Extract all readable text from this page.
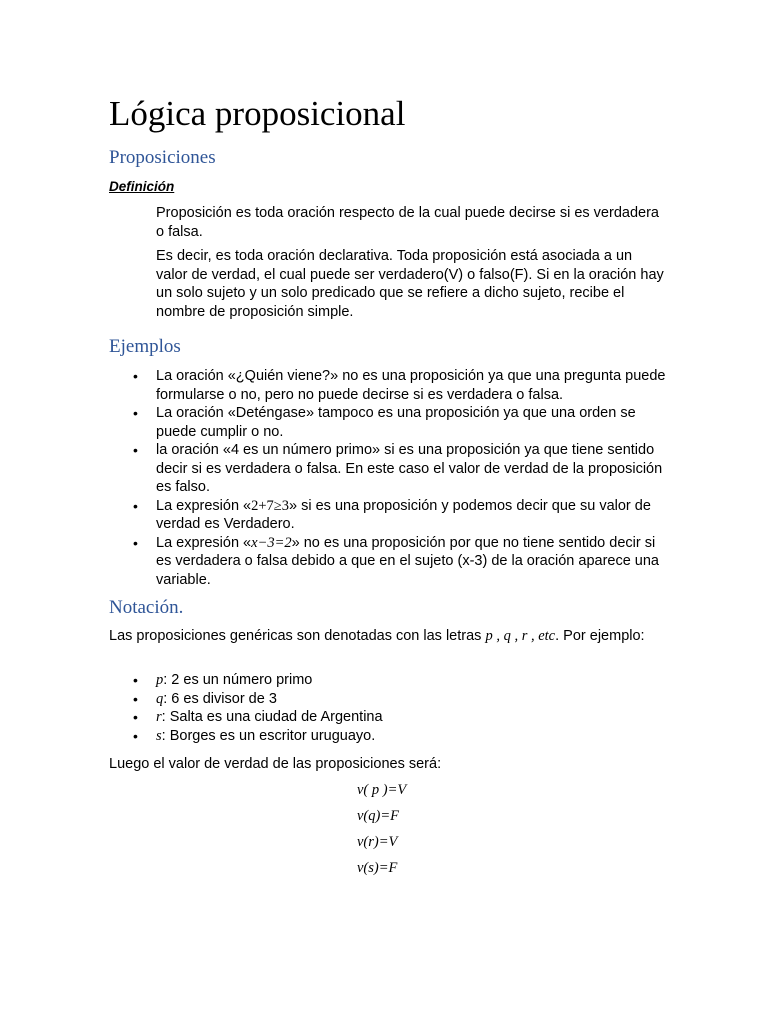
Lógica proposicional
Proposiciones
Definición

Proposición es toda oración respecto de la cual puede decirse si es verdadera o falsa.

Es decir, es toda oración declarativa. Toda proposición está asociada a un valor de verdad, el cual puede ser verdadero(V) o falso(F). Si en la oración hay un solo sujeto y un solo predicado que se refiere a dicho sujeto, recibe el nombre de proposición simple.

Ejemplos
• La oración «¿Quién viene?» no es una proposición ya que una pregunta puede formularse o no, pero no puede decirse si es verdadera o falsa.
• La oración «Deténgase» tampoco es una proposición ya que una orden se puede cumplir o no.
• la oración «4 es un número primo» si es una proposición ya que tiene sentido decir si es verdadera o falsa. En este caso el valor de verdad de la proposición es falso.
• La expresión «2+7≥3» si es una proposición y podemos decir que su valor de verdad es Verdadero.
• La expresión «x−3=2» no es una proposición por que no tiene sentido decir si es verdadera o falsa debido a que en el sujeto (x-3) de la oración aparece una variable.
Notación.

Las proposiciones genéricas son denotadas con las letras p , q , r , etc. Por ejemplo:

• p: 2 es un número primo
• q: 6 es divisor de 3
• r: Salta es una ciudad de Argentina
• s: Borges es un escritor uruguayo.

Luego el valor de verdad de las proposiciones será:

v( p )=V
v(q)=F
v(r)=V
v(s)=F
